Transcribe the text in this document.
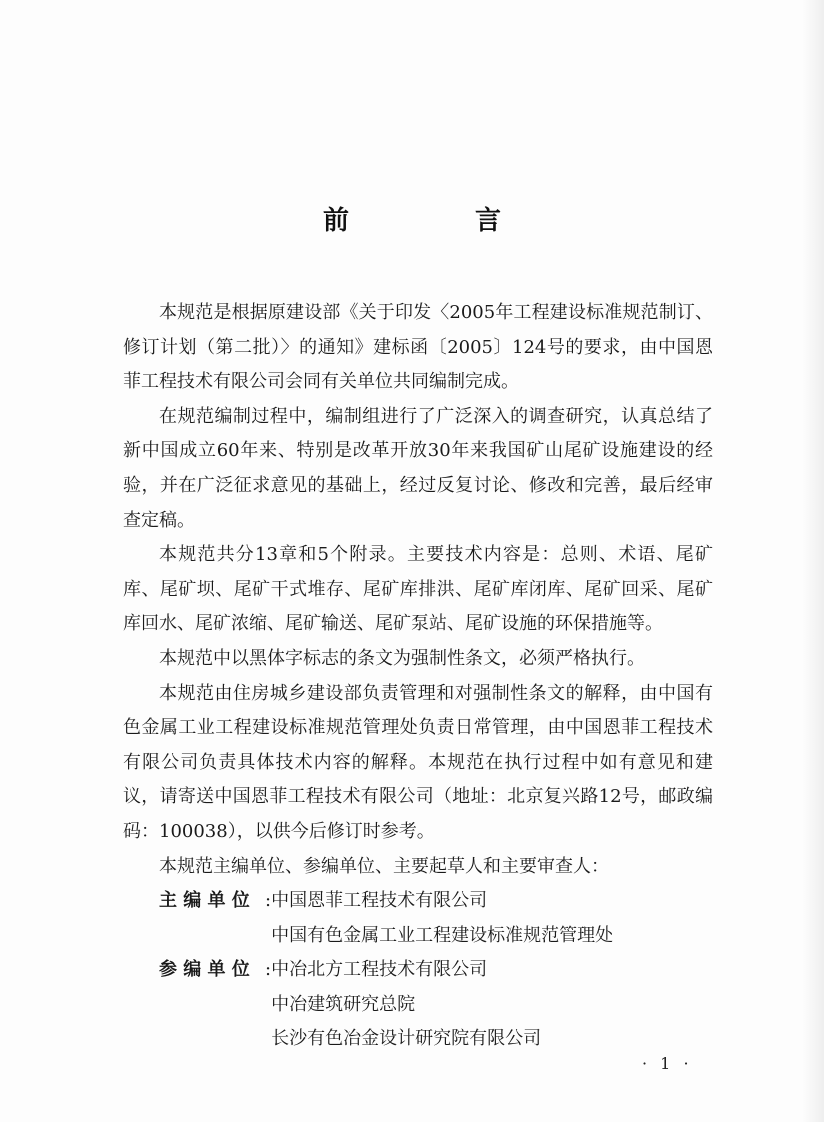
前　言

本规范是根据原建设部《关于印发〈2005年工程建设标准规范制订、修订计划（第二批）〉的通知》建标函〔2005〕124号的要求，由中国恩菲工程技术有限公司会同有关单位共同编制完成。

在规范编制过程中，编制组进行了广泛深入的调查研究，认真总结了新中国成立60年来、特别是改革开放30年来我国矿山尾矿设施建设的经验，并在广泛征求意见的基础上，经过反复讨论、修改和完善，最后经审查定稿。

本规范共分13章和5个附录。主要技术内容是：总则、术语、尾矿库、尾矿坝、尾矿干式堆存、尾矿库排洪、尾矿库闭库、尾矿回采、尾矿库回水、尾矿浓缩、尾矿输送、尾矿泵站、尾矿设施的环保措施等。

本规范中以黑体字标志的条文为强制性条文，必须严格执行。

本规范由住房城乡建设部负责管理和对强制性条文的解释，由中国有色金属工业工程建设标准规范管理处负责日常管理，由中国恩菲工程技术有限公司负责具体技术内容的解释。本规范在执行过程中如有意见和建议，请寄送中国恩菲工程技术有限公司（地址：北京复兴路12号，邮政编码：100038），以供今后修订时参考。

本规范主编单位、参编单位、主要起草人和主要审查人：

主 编 单 位 : 中国恩菲工程技术有限公司
中国有色金属工业工程建设标准规范管理处
参 编 单 位 : 中冶北方工程技术有限公司
中冶建筑研究总院
长沙有色冶金设计研究院有限公司
· 1 ·
